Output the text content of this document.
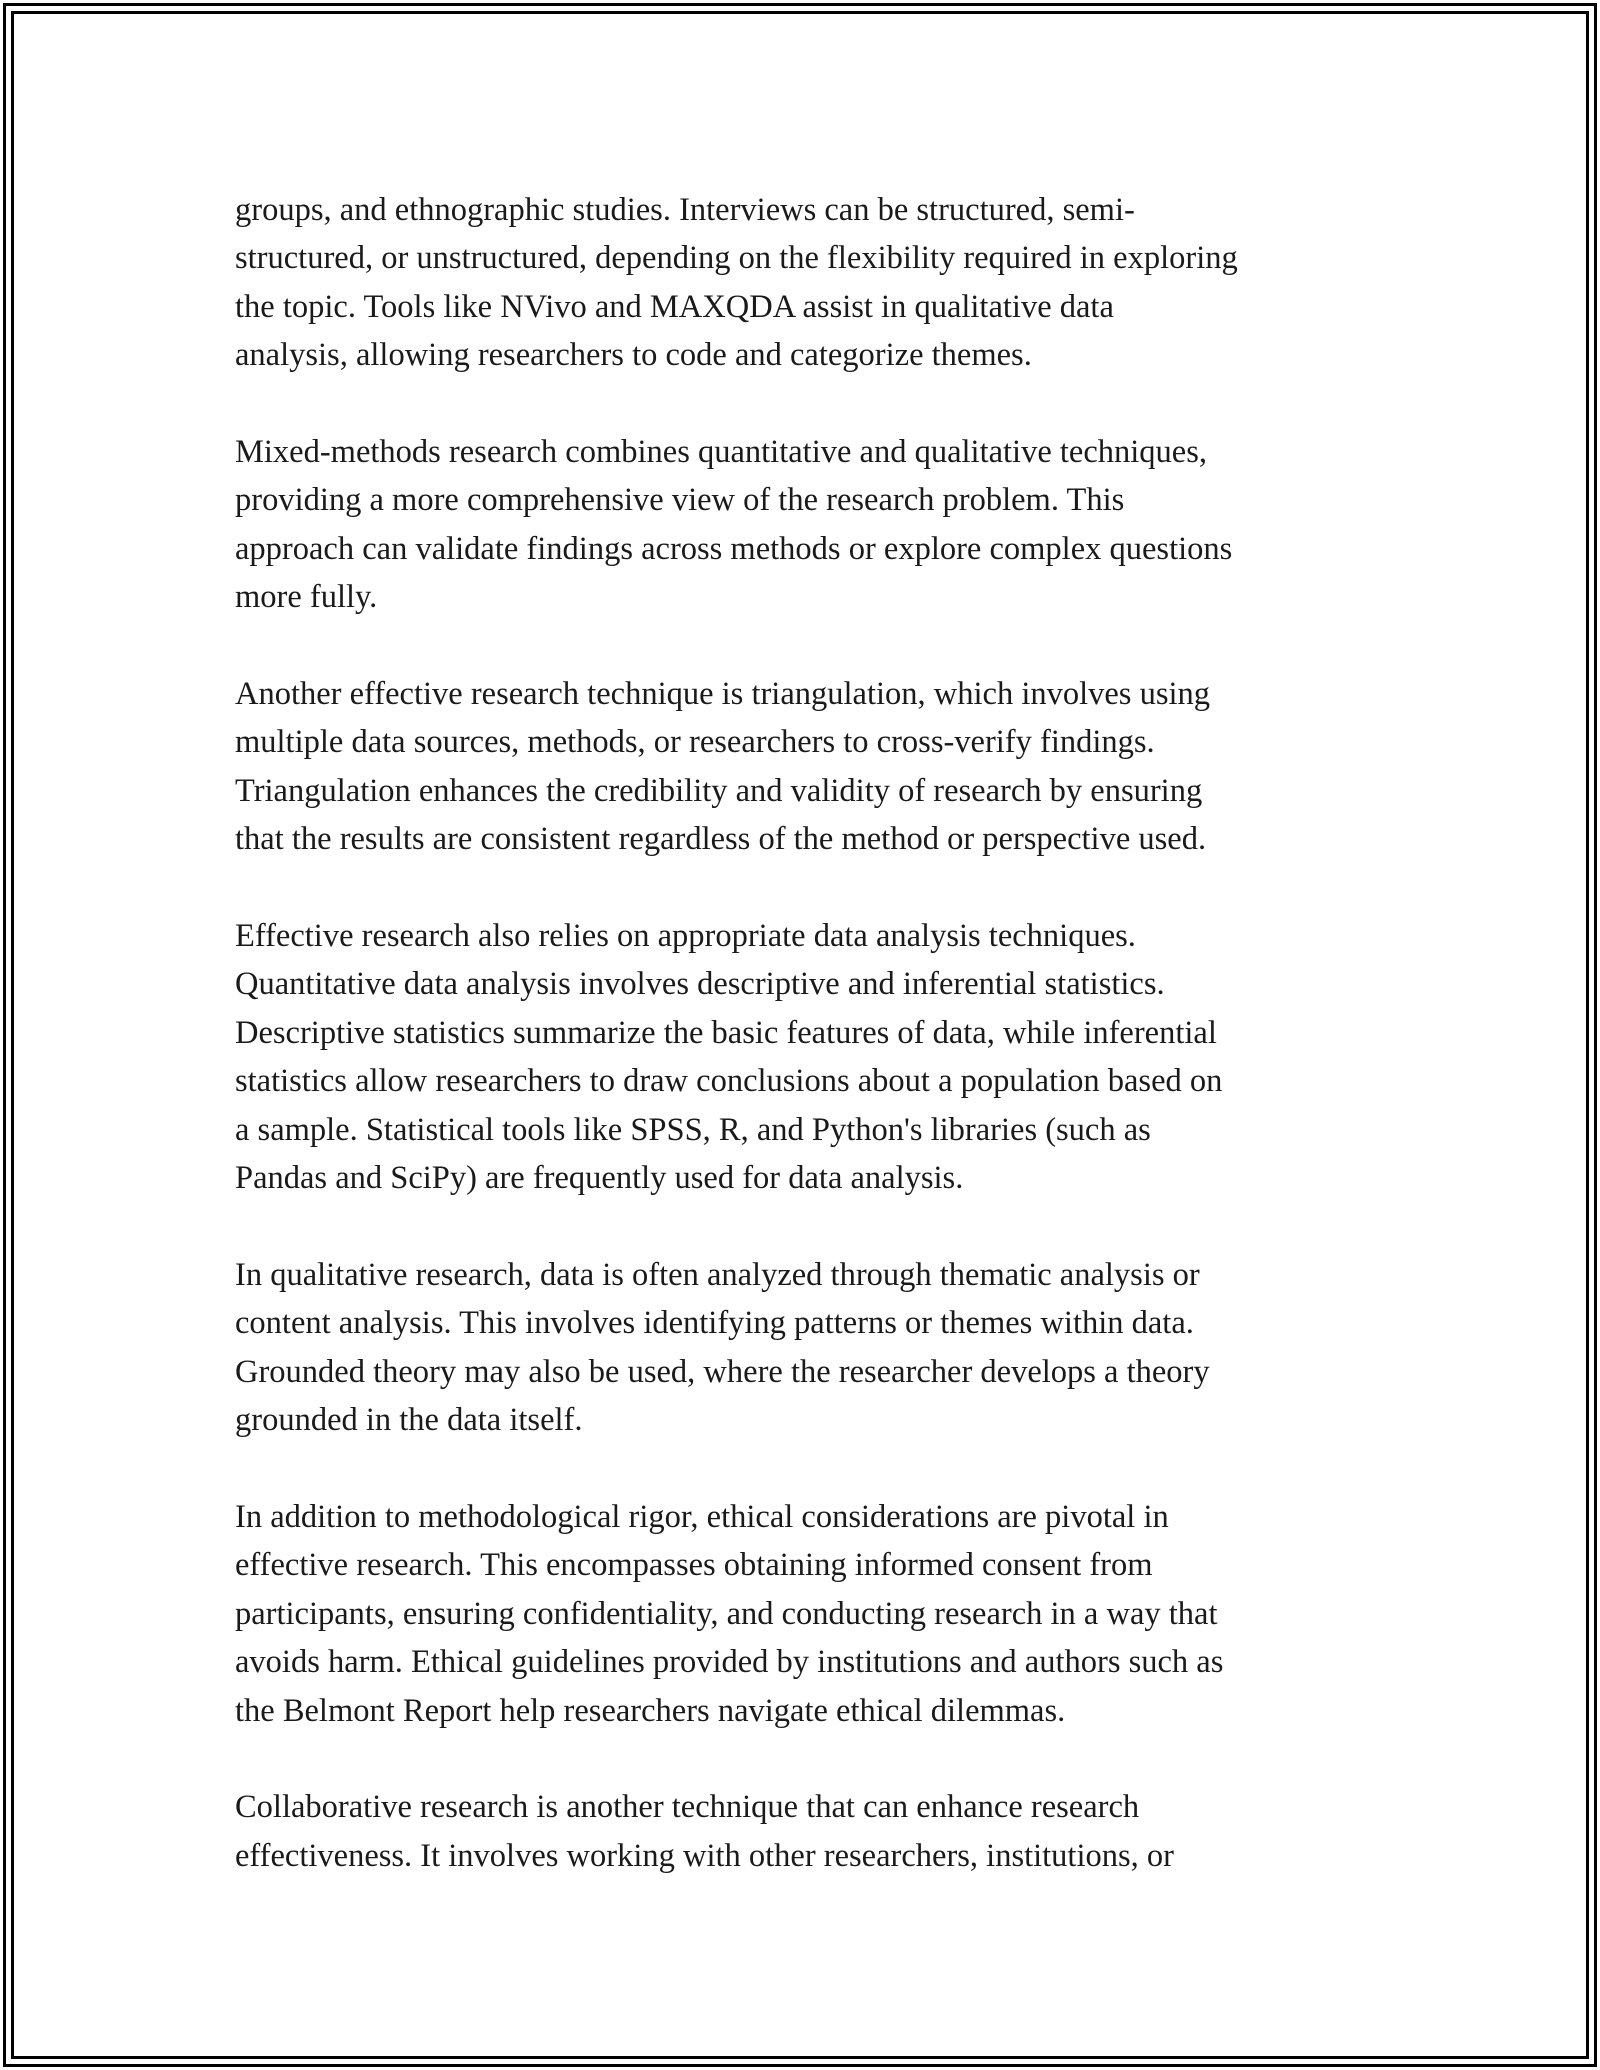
groups, and ethnographic studies. Interviews can be structured, semi-
structured, or unstructured, depending on the flexibility required in exploring
the topic. Tools like NVivo and MAXQDA assist in qualitative data
analysis, allowing researchers to code and categorize themes.

Mixed-methods research combines quantitative and qualitative techniques,
providing a more comprehensive view of the research problem. This
approach can validate findings across methods or explore complex questions
more fully.

Another effective research technique is triangulation, which involves using
multiple data sources, methods, or researchers to cross-verify findings.
Triangulation enhances the credibility and validity of research by ensuring
that the results are consistent regardless of the method or perspective used.

Effective research also relies on appropriate data analysis techniques.
Quantitative data analysis involves descriptive and inferential statistics.
Descriptive statistics summarize the basic features of data, while inferential
statistics allow researchers to draw conclusions about a population based on
a sample. Statistical tools like SPSS, R, and Python's libraries (such as
Pandas and SciPy) are frequently used for data analysis.

In qualitative research, data is often analyzed through thematic analysis or
content analysis. This involves identifying patterns or themes within data.
Grounded theory may also be used, where the researcher develops a theory
grounded in the data itself.

In addition to methodological rigor, ethical considerations are pivotal in
effective research. This encompasses obtaining informed consent from
participants, ensuring confidentiality, and conducting research in a way that
avoids harm. Ethical guidelines provided by institutions and authors such as
the Belmont Report help researchers navigate ethical dilemmas.

Collaborative research is another technique that can enhance research
effectiveness. It involves working with other researchers, institutions, or
